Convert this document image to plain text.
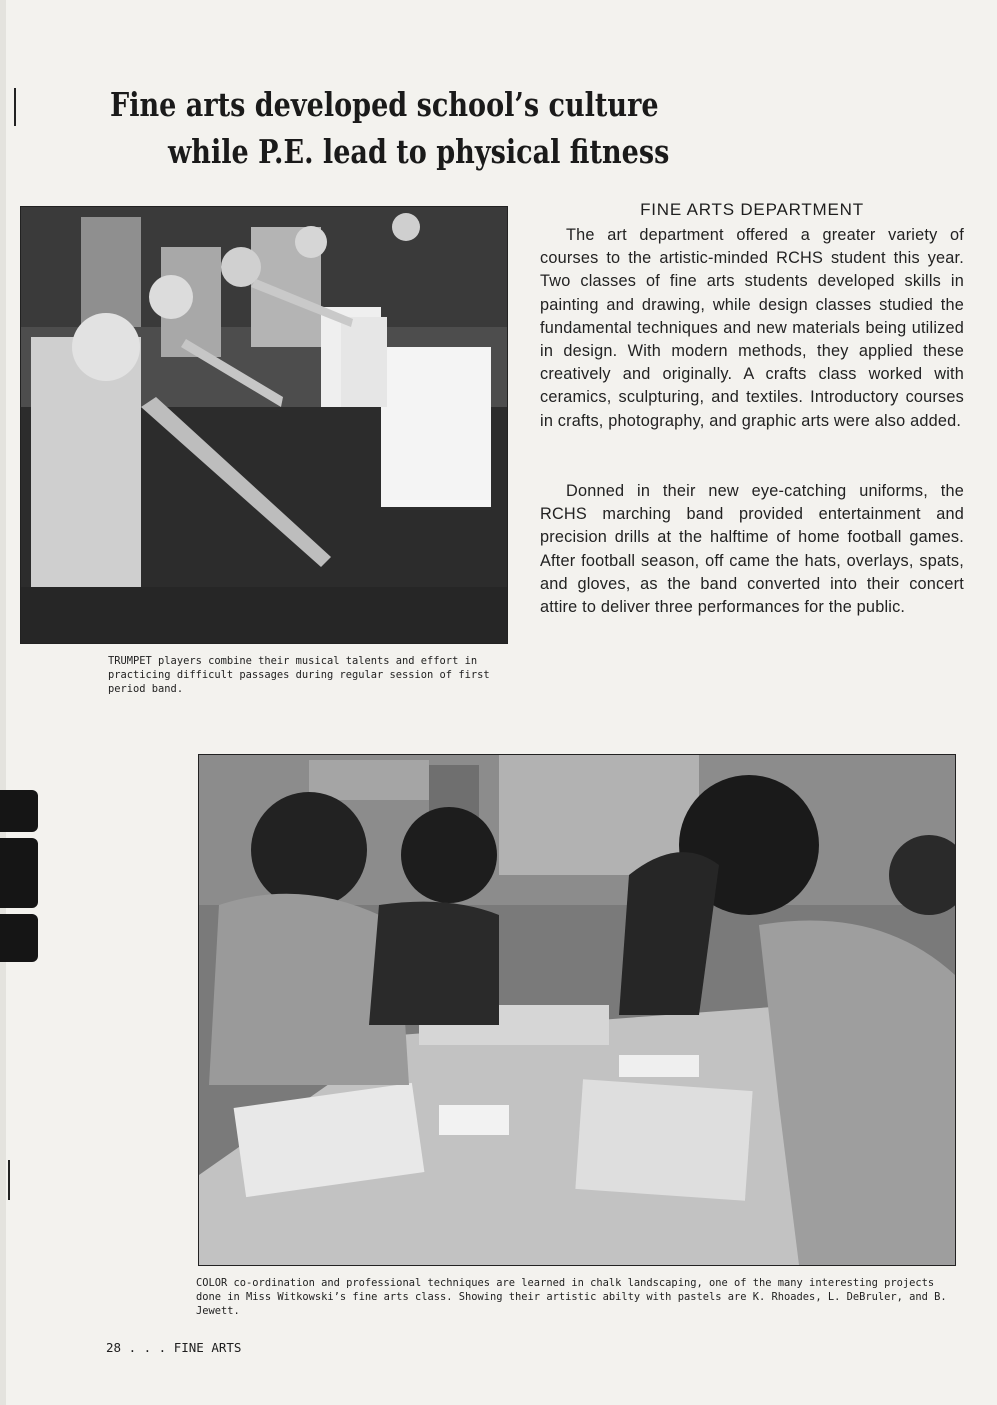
Fine arts developed school’s culture
while P.E. lead to physical fitness

TRUMPET players combine their musical talents and effort in practicing difficult passages during regular session of first period band.

FINE ARTS DEPARTMENT

The art department offered a greater variety of courses to the artistic-minded RCHS student this year. Two classes of fine arts students developed skills in painting and drawing, while design classes studied the fundamental techniques and new materials being utilized in design. With modern methods, they applied these creatively and originally. A crafts class worked with ceramics, sculpturing, and textiles. Introductory courses in crafts, photography, and graphic arts were also added.

Donned in their new eye-catching uniforms, the RCHS marching band provided entertainment and precision drills at the halftime of home football games. After football season, off came the hats, overlays, spats, and gloves, as the band converted into their concert attire to deliver three performances for the public.

COLOR co-ordination and professional techniques are learned in chalk landscaping, one of the many interesting projects done in Miss Witkowski’s fine arts class. Showing their artistic abilty with pastels are K. Rhoades, L. DeBruler, and B. Jewett.

28 . . . FINE ARTS
